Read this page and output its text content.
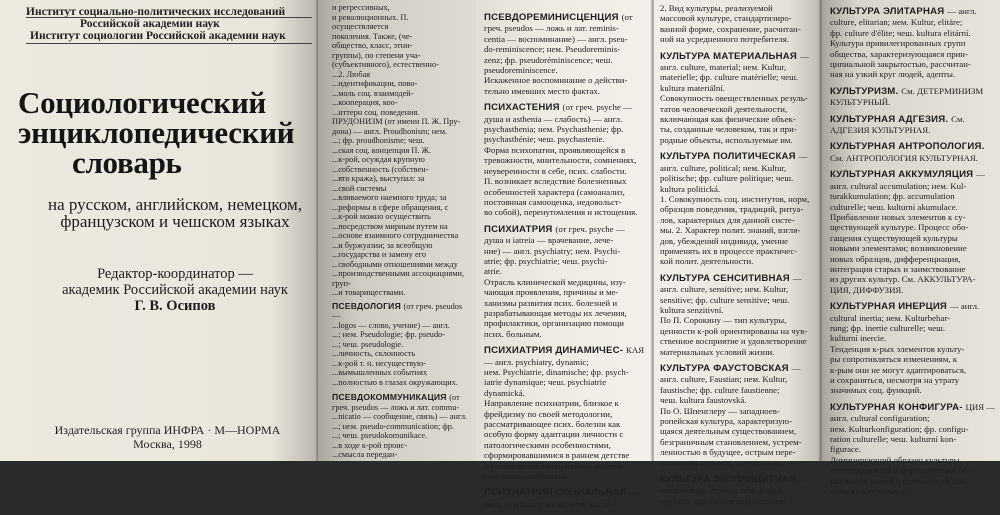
Институт социально-политических исследований
Российской академии наук
Институт социологии Российской академии наук
Социологический
энциклопедический
словарь
на русском, английском, немецком,
французском и чешском языках
Редактор-координатор —
академик Российской академии наук
Г. В. Осипов
Издательская группа ИНФРА · М—НОРМА
Москва, 1998
и регрессивных,
и революционных. П.
осуществляется
поколения. Также, (че-
общество, класс, этни-
группы), по степени уча-
(субъективного), естественно-
...2. Любая
...идентификации, пово-
...моль соц. взаимодей-
...кооперация, коо-
...нттерн соц. поведения.
ПРУДОНИЗМ (от имени П. Ж. Пру-
дона) — англ. Proudhonism; нем.
...; фр. proudhonisme; чеш.
...ская соц. концепция П. Ж.
...к-рой, осуждая крупную
...собственность (собствен-
...вто кража), выступал: за
...свой системы
...вливаемого наемного труда; за
...реформы в сфере обращения, с
...к-рой можно осуществить
...посредством мирным путем на
...основе взаимного сотрудничества
...и буржуазии; за всеобщую
...государства и замену его
...свободными отношениями между
...производственными ассоциациями, груп-
...и товариществами.
ПСЕВДОЛОГИЯ (от греч. pseudos —
...logos — слово, учение) — англ.
...; нем. Pseudologie; фр. pseudo-
...; чеш. pseudologie.
...личность, склонность
...к-рой т. н. несуществую-
...вымышленных событиях
...полностью в глазах окружающих.

ПСЕВДОКОММУНИКАЦИЯ (от греч. pseudos — ложь и лат. commu-
...nicatio — сообщение, связь) — англ.
...; нем. pseudo-communication; фр.
...; чеш. pseudokomunikace.
...в ходе к-рой проис-
...смысла передан-

ПСЕВДОРЕМИНИСЦЕНЦИЯ (от греч. pseudos — ложь и лат. reminis-
centia — воспоминание) — англ. pseu-
do-reminiscence; нем. Pseudoreminis-
zenz; фр. pseudoréminiscence; чеш.
pseudoreminiscence.
Искаженное воспоминание о действи-
тельно имевших место фактах.

ПСИХАСТЕНИЯ (от греч. psyche —
душа и asthenia — слабость) — англ.
psychasthenia; нем. Psychasthenie; фр.
psychasthénie; чеш. psychastenie.
Форма психопатии, проявляющейся в
тревожности, мнительности, сомнениях,
неуверенности в себе, псих. слабости.
П. возникает вследствие болезненных
особенностей характера (самоанализ,
постоянная самооценка, недовольст-
во собой), перенутомления и истощения.

ПСИХИАТРИЯ (от греч. psyche —
душа и iatreia — врачевание, лече-
ние) — англ. psychiatry; нем. Psychi-
atrie; фр. psychiatrie; чеш. psychi-
atrie.
Отрасль клинической медицины, изу-
чающая проявления, причины и ме-
ханизмы развития псих. болезней и
разрабатывающая методы их лечения,
профилактики, организацию помощи
псих. больным.

ПСИХИАТРИЯ ДИНАМИЧЕС- КАЯ — англ. psychiatry, dynamic;
нем. Psychiatrie, dinamische; фр. psych-
iatrie dynamique; чеш. psychiatrie
dynamická.
Направление психиатрии, близкое к
фрейдизму по своей методологии,
рассматривающее псих. болезни как
особую форму адаптации личности с
патологическими особенностями,
сформировавшимися в раннем детстве
в условиях неблагоприятных внутри-
семейных отношений.

ПСИХИАТРИЯ СОЦИАЛЬНАЯ — англ. psychiatry, social; нем. Sozial-

2. Вид культуры, реализуемой
массовой культуре, стандартизиро-
ванной форме, сохранение, расчитан-
ной на усредненного потребителя.

КУЛЬТУРА МАТЕРИАЛЬНАЯ — англ. culture, material; нем. Kultur,
materielle; фр. culture matérielle; чеш.
kultura materiální.
Совокупность овеществленных резуль-
татов человеческой деятельности,
включающая как физические объек-
ты, созданные человеком, так и при-
родные объекты, используемые им.

КУЛЬТУРА ПОЛИТИЧЕСКАЯ — англ. culture, political; нем. Kultur,
politische; фр. culture politique; чеш.
kultura politická.
1. Совокупность соц. институтов, норм,
образцов поведения, традиций, ритуа-
лов, характерных для данной систе-
мы. 2. Характер полит. знаний, взгля-
дов, убеждений индивида, умение
применять их в процессе практичес-
кой полит. деятельности.

КУЛЬТУРА СЕНСИТИВНАЯ — англ. culture, sensitive; нем. Kultur,
sensitive; фр. culture sensitive; чеш.
kultura senzitivní.
По П. Сорокину — тип культуры,
ценности к-рой ориентированы на чув-
ственное восприятие и удовлетворение
материальных условий жизни.

КУЛЬТУРА ФАУСТОВСКАЯ — англ. culture, Faustian; нем. Kultur,
faustische; фр. culture faustienne;
чеш. kultura faustovská.
По О. Шпенглеру — западноев-
ропейская культура, характеризую-
щаяся деятельным существованием,
безграничным становлением, устрем-
ленностью в будущее, острым пере-
живанием времени, историзмом.

КУЛЬТУРА ЭКСПЛИЦИТНАЯ — англ. culture, explicit; нем. Kultur,
explizite; фр. culture explicite; чеш.

КУЛЬТУРА ЭЛИТАРНАЯ — англ. culture, elitarian; нем. Kultur, elitäre;
фр. culture d'élite; чеш. kultura elitární.
Культура привилегированных групп
общества, характеризующаяся прин-
ципиальной закрытостью, рассчитан-
ная на узкий круг людей, адепты.

КУЛЬТУРИЗМ. См. ДЕТЕРМИНИЗМ КУЛЬТУРНЫЙ.

КУЛЬТУРНАЯ АДГЕЗИЯ. См. АДГЕЗИЯ КУЛЬТУРНАЯ.

КУЛЬТУРНАЯ АНТРОПОЛОГИЯ. См. АНТРОПОЛОГИЯ КУЛЬТУРНАЯ.

КУЛЬТУРНАЯ АККУМУЛЯЦИЯ — англ. cultural accumulation; нем. Kul-
turakkumulation; фр. accumulation
culturelle; чеш. kulturní akumulace.
Прибавление новых элементов к су-
ществующей культуре. Процесс обо-
гащения существующей культуры
новыми элементами; возникновение
новых образцов, дифференциация,
интеграция старых и заимствование
из других культур. См. АККУЛЬТУРА-
ЦИЯ, ДИФФУЗИЯ.

КУЛЬТУРНАЯ ИНЕРЦИЯ — англ. cultural inertia; нем. Kulturbehar-
rung; фр. inertie culturelle; чеш.
kulturní inercie.
Тенденция к-рых элементов культу-
ры сопротивляться изменениям, к
к-рым они не могут адаптироваться,
и сохраняться, несмотря на утрату
значимых соц. функций.

КУЛЬТУРНАЯ КОНФИГУРА- ЦИЯ — англ. cultural configuration;
нем. Kulturkonfiguration; фр. configu-
ration culturelle; чеш. kulturní kon-
figurace.
Доминирующий образец культуры,
интегрирующий и формирующий об-
раз жизни людей и отвечающий дан-
ному культурному ...
